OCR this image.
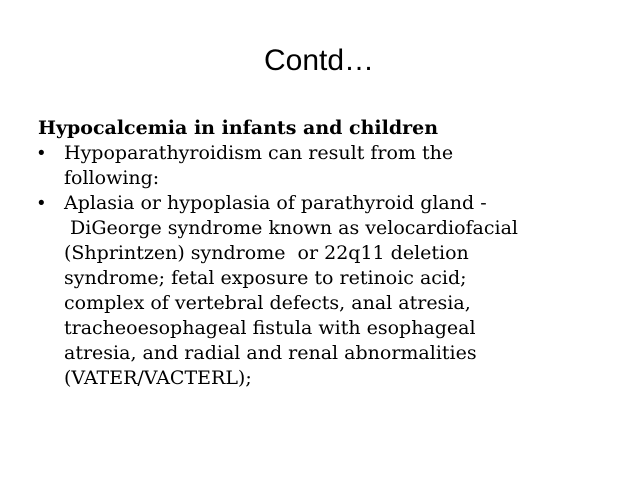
Contd…
Hypocalcemia in infants and children
• Hypoparathyroidism can result from the
following:
• Aplasia or hypoplasia of parathyroid gland -
DiGeorge syndrome known as velocardiofacial
(Shprintzen) syndrome  or 22q11 deletion
syndrome; fetal exposure to retinoic acid;
complex of vertebral defects, anal atresia,
tracheoesophageal fistula with esophageal
atresia, and radial and renal abnormalities
(VATER/VACTERL);
